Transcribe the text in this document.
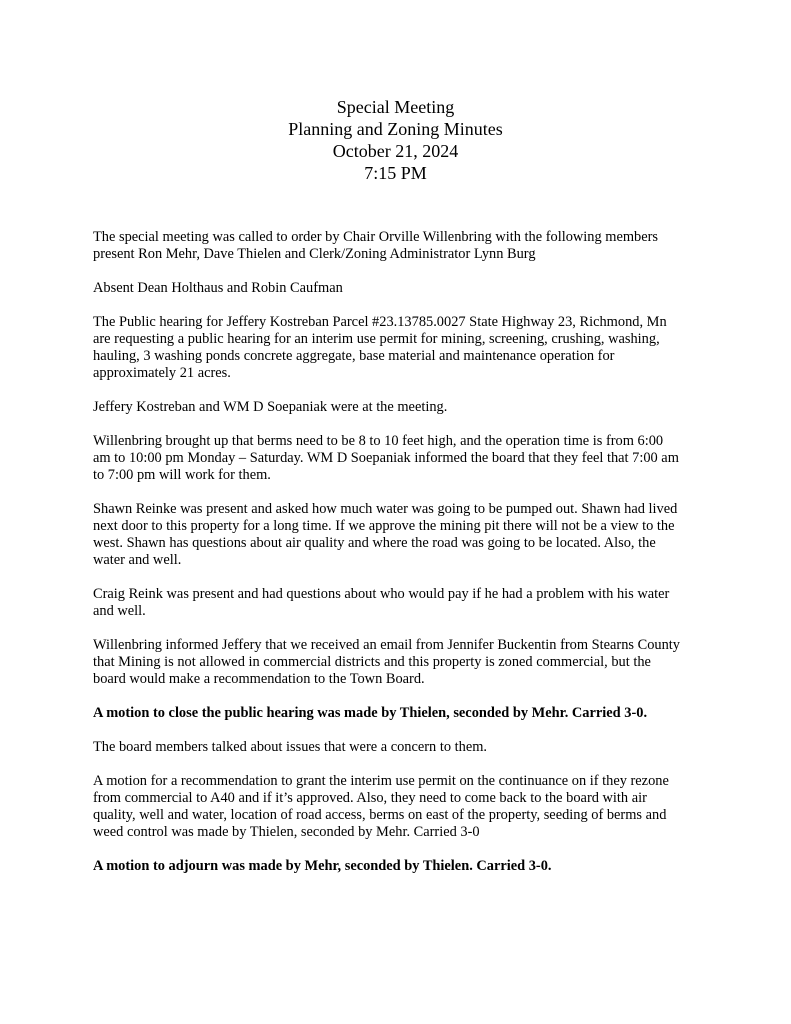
Special Meeting
Planning and Zoning Minutes
October 21, 2024
7:15 PM

The special meeting was called to order by Chair Orville Willenbring with the following members
present Ron Mehr, Dave Thielen and Clerk/Zoning Administrator Lynn Burg

Absent Dean Holthaus and Robin Caufman

The Public hearing for Jeffery Kostreban Parcel #23.13785.0027 State Highway 23, Richmond, Mn
are requesting a public hearing for an interim use permit for mining, screening, crushing, washing,
hauling, 3 washing ponds concrete aggregate, base material and maintenance operation for
approximately 21 acres.

Jeffery Kostreban and WM D Soepaniak were at the meeting.

Willenbring brought up that berms need to be 8 to 10 feet high, and the operation time is from 6:00
am to 10:00 pm Monday – Saturday. WM D Soepaniak informed the board that they feel that 7:00 am
to 7:00 pm will work for them.

Shawn Reinke was present and asked how much water was going to be pumped out. Shawn had lived
next door to this property for a long time. If we approve the mining pit there will not be a view to the
west. Shawn has questions about air quality and where the road was going to be located. Also, the
water and well.

Craig Reink was present and had questions about who would pay if he had a problem with his water
and well.

Willenbring informed Jeffery that we received an email from Jennifer Buckentin from Stearns County
that Mining is not allowed in commercial districts and this property is zoned commercial, but the
board would make a recommendation to the Town Board.

A motion to close the public hearing was made by Thielen, seconded by Mehr. Carried 3-0.

The board members talked about issues that were a concern to them.

A motion for a recommendation to grant the interim use permit on the continuance on if they rezone
from commercial to A40 and if it’s approved. Also, they need to come back to the board with air
quality, well and water, location of road access, berms on east of the property, seeding of berms and
weed control was made by Thielen, seconded by Mehr. Carried 3-0

A motion to adjourn was made by Mehr, seconded by Thielen. Carried 3-0.
